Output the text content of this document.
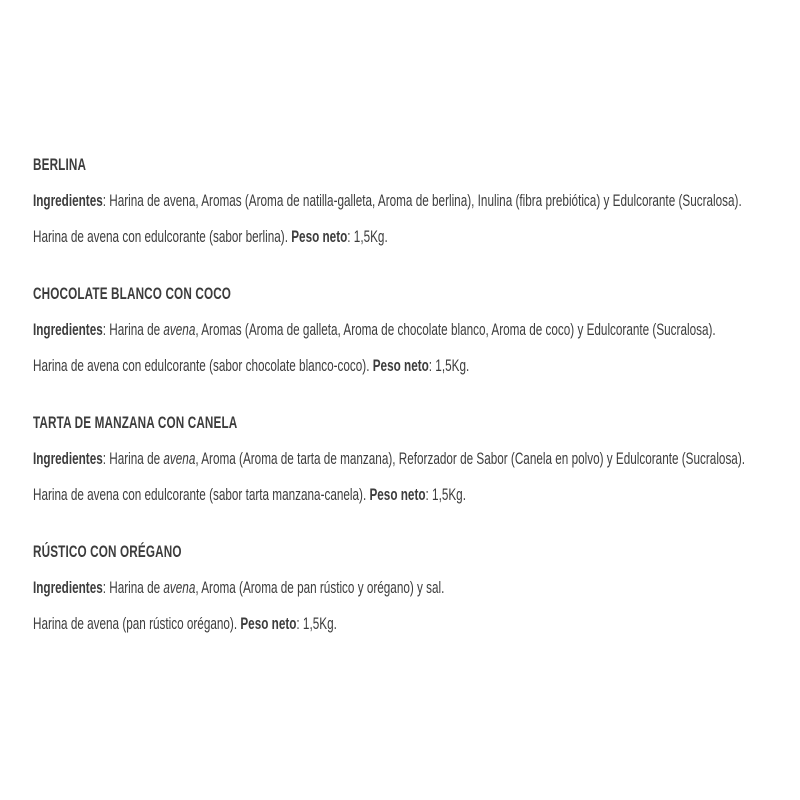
BERLINA
Ingredientes: Harina de avena, Aromas (Aroma de natilla-galleta, Aroma de berlina), Inulina (fibra prebiótica) y Edulcorante (Sucralosa).
Harina de avena con edulcorante (sabor berlina). Peso neto: 1,5Kg.
CHOCOLATE BLANCO CON COCO
Ingredientes: Harina de avena, Aromas (Aroma de galleta, Aroma de chocolate blanco, Aroma de coco) y Edulcorante (Sucralosa).
Harina de avena con edulcorante (sabor chocolate blanco-coco). Peso neto: 1,5Kg.
TARTA DE MANZANA CON CANELA
Ingredientes: Harina de avena, Aroma (Aroma de tarta de manzana), Reforzador de Sabor (Canela en polvo) y Edulcorante (Sucralosa).
Harina de avena con edulcorante (sabor tarta manzana-canela). Peso neto: 1,5Kg.
RÚSTICO CON ORÉGANO
Ingredientes: Harina de avena, Aroma (Aroma de pan rústico y orégano) y sal.
Harina de avena (pan rústico orégano). Peso neto: 1,5Kg.
